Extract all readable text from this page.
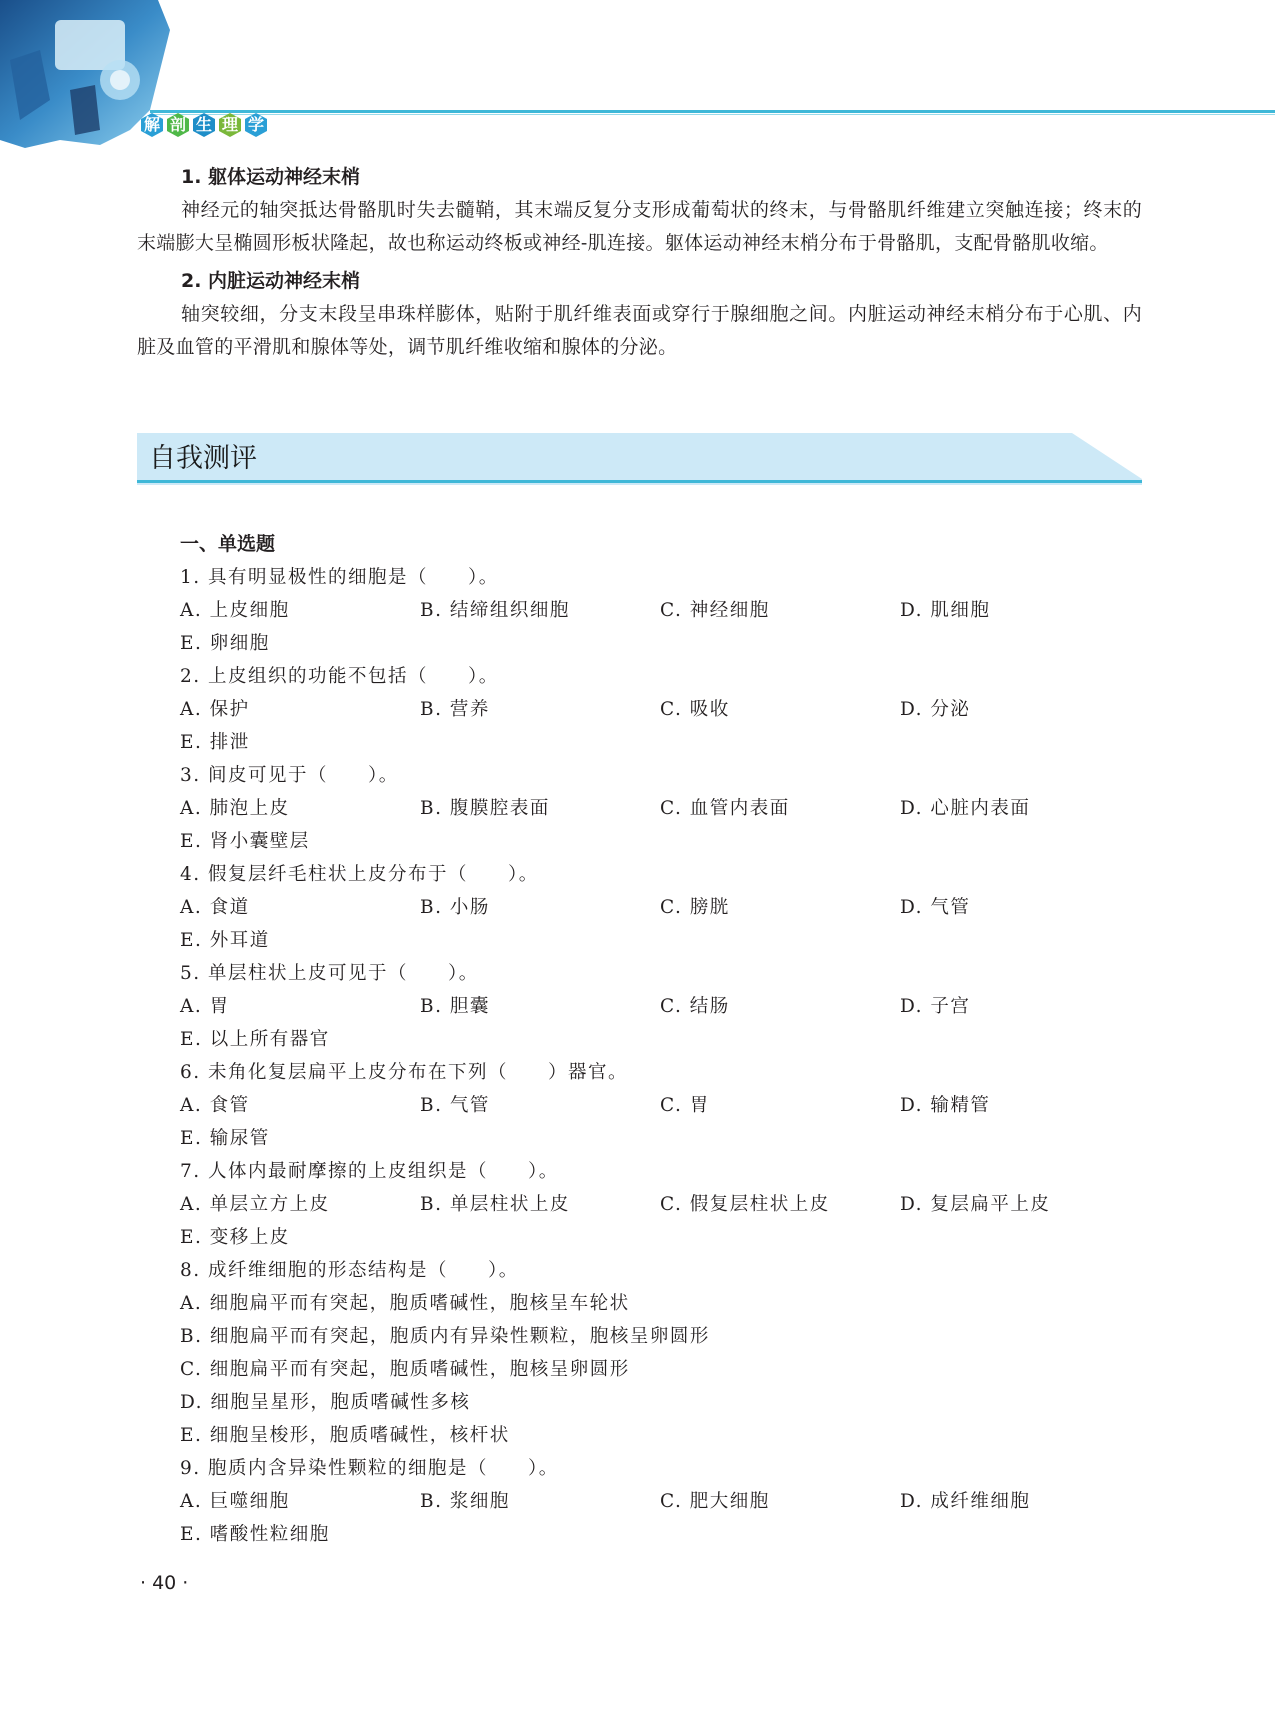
解 剖 生 理 学
1. 躯体运动神经末梢

神经元的轴突抵达骨骼肌时失去髓鞘，其末端反复分支形成葡萄状的终末，与骨骼肌纤维建立突触连接；终末的末端膨大呈椭圆形板状隆起，故也称运动终板或神经-肌连接。躯体运动神经末梢分布于骨骼肌，支配骨骼肌收缩。

2. 内脏运动神经末梢

轴突较细，分支末段呈串珠样膨体，贴附于肌纤维表面或穿行于腺细胞之间。内脏运动神经末梢分布于心肌、内脏及血管的平滑肌和腺体等处，调节肌纤维收缩和腺体的分泌。

自我测评
一、单选题
1. 具有明显极性的细胞是（　　）。
A. 上皮细胞	B. 结缔组织细胞	C. 神经细胞	D. 肌细胞
E. 卵细胞
2. 上皮组织的功能不包括（　　）。
A. 保护	B. 营养	C. 吸收	D. 分泌
E. 排泄
3. 间皮可见于（　　）。
A. 肺泡上皮	B. 腹膜腔表面	C. 血管内表面	D. 心脏内表面
E. 肾小囊壁层
4. 假复层纤毛柱状上皮分布于（　　）。
A. 食道	B. 小肠	C. 膀胱	D. 气管
E. 外耳道
5. 单层柱状上皮可见于（　　）。
A. 胃	B. 胆囊	C. 结肠	D. 子宫
E. 以上所有器官
6. 未角化复层扁平上皮分布在下列（　　）器官。
A. 食管	B. 气管	C. 胃	D. 输精管
E. 输尿管
7. 人体内最耐摩擦的上皮组织是（　　）。
A. 单层立方上皮	B. 单层柱状上皮	C. 假复层柱状上皮	D. 复层扁平上皮
E. 变移上皮
8. 成纤维细胞的形态结构是（　　）。
A. 细胞扁平而有突起，胞质嗜碱性，胞核呈车轮状
B. 细胞扁平而有突起，胞质内有异染性颗粒，胞核呈卵圆形
C. 细胞扁平而有突起，胞质嗜碱性，胞核呈卵圆形
D. 细胞呈星形，胞质嗜碱性多核
E. 细胞呈梭形，胞质嗜碱性，核杆状
9. 胞质内含异染性颗粒的细胞是（　　）。
A. 巨噬细胞	B. 浆细胞	C. 肥大细胞	D. 成纤维细胞
E. 嗜酸性粒细胞
· 40 ·
